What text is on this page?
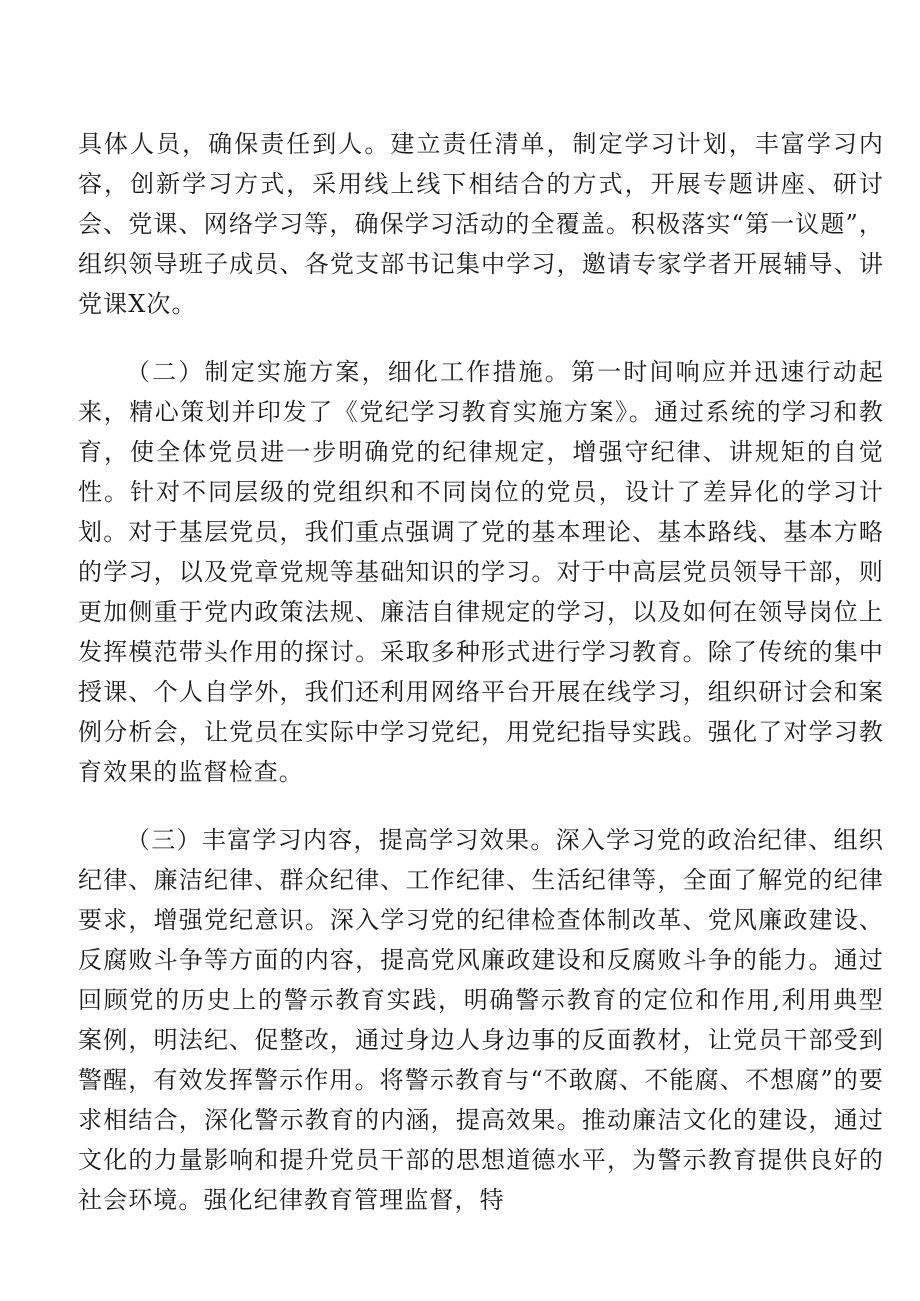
具体人员，确保责任到人。建立责任清单，制定学习计划，丰富学习内容，创新学习方式，采用线上线下相结合的方式，开展专题讲座、研讨会、党课、网络学习等，确保学习活动的全覆盖。积极落实“第一议题”，组织领导班子成员、各党支部书记集中学习，邀请专家学者开展辅导、讲党课X次。

（二）制定实施方案，细化工作措施。第一时间响应并迅速行动起来，精心策划并印发了《党纪学习教育实施方案》。通过系统的学习和教育，使全体党员进一步明确党的纪律规定，增强守纪律、讲规矩的自觉性。针对不同层级的党组织和不同岗位的党员，设计了差异化的学习计划。对于基层党员，我们重点强调了党的基本理论、基本路线、基本方略的学习，以及党章党规等基础知识的学习。对于中高层党员领导干部，则更加侧重于党内政策法规、廉洁自律规定的学习，以及如何在领导岗位上发挥模范带头作用的探讨。采取多种形式进行学习教育。除了传统的集中授课、个人自学外，我们还利用网络平台开展在线学习，组织研讨会和案例分析会，让党员在实际中学习党纪，用党纪指导实践。强化了对学习教育效果的监督检查。

（三）丰富学习内容，提高学习效果。深入学习党的政治纪律、组织纪律、廉洁纪律、群众纪律、工作纪律、生活纪律等，全面了解党的纪律要求，增强党纪意识。深入学习党的纪律检查体制改革、党风廉政建设、反腐败斗争等方面的内容，提高党风廉政建设和反腐败斗争的能力。通过回顾党的历史上的警示教育实践，明确警示教育的定位和作用,利用典型案例，明法纪、促整改，通过身边人身边事的反面教材，让党员干部受到警醒，有效发挥警示作用。将警示教育与“不敢腐、不能腐、不想腐”的要求相结合，深化警示教育的内涵，提高效果。推动廉洁文化的建设，通过文化的力量影响和提升党员干部的思想道德水平，为警示教育提供良好的社会环境。强化纪律教育管理监督，特
